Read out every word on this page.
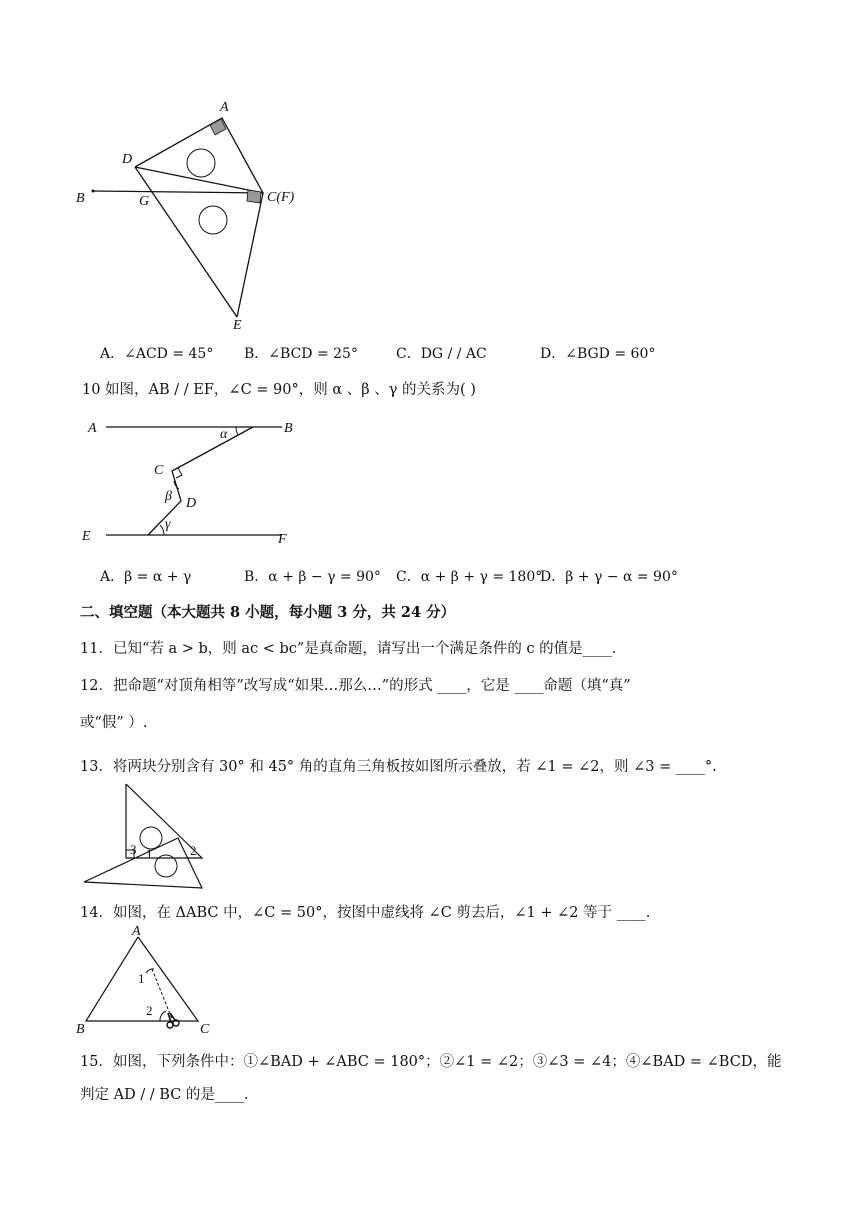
A
D
B	G	C(F)
E
A．∠ACD = 45° B．∠BCD = 25°	C．DG / / AC	D．∠BGD = 60°
10 如图，AB / / EF，∠C = 90°，则 α 、β 、γ 的关系为( )
A	B
α
C
β D
γ
E	F
A．β = α + γ	B．α + β − γ = 90° C．α + β + γ = 180°
D．β + γ − α = 90°
二、填空题（本大题共 8 小题，每小题 3 分，共 24 分）
11．已知“若 a > b，则 ac < bc”是真命题，请写出一个满足条件的 c 的值是____.
12．把命题“对顶角相等”改写成“如果…那么…”的形式 ____，它是 ____命题（填“真”
或“假” ）.
13．将两块分别含有 30° 和 45° 角的直角三角板按如图所示叠放，若 ∠1 = ∠2，则 ∠3 = ____°.
3 1	2
14．如图，在 ΔABC 中，∠C = 50°，按图中虚线将 ∠C 剪去后，∠1 + ∠2 等于 ____.
A
1
2
B	C
15．如图，下列条件中：①∠BAD + ∠ABC = 180°；②∠1 = ∠2；③∠3 = ∠4；④∠BAD = ∠BCD，能
判定 AD / / BC 的是____.
